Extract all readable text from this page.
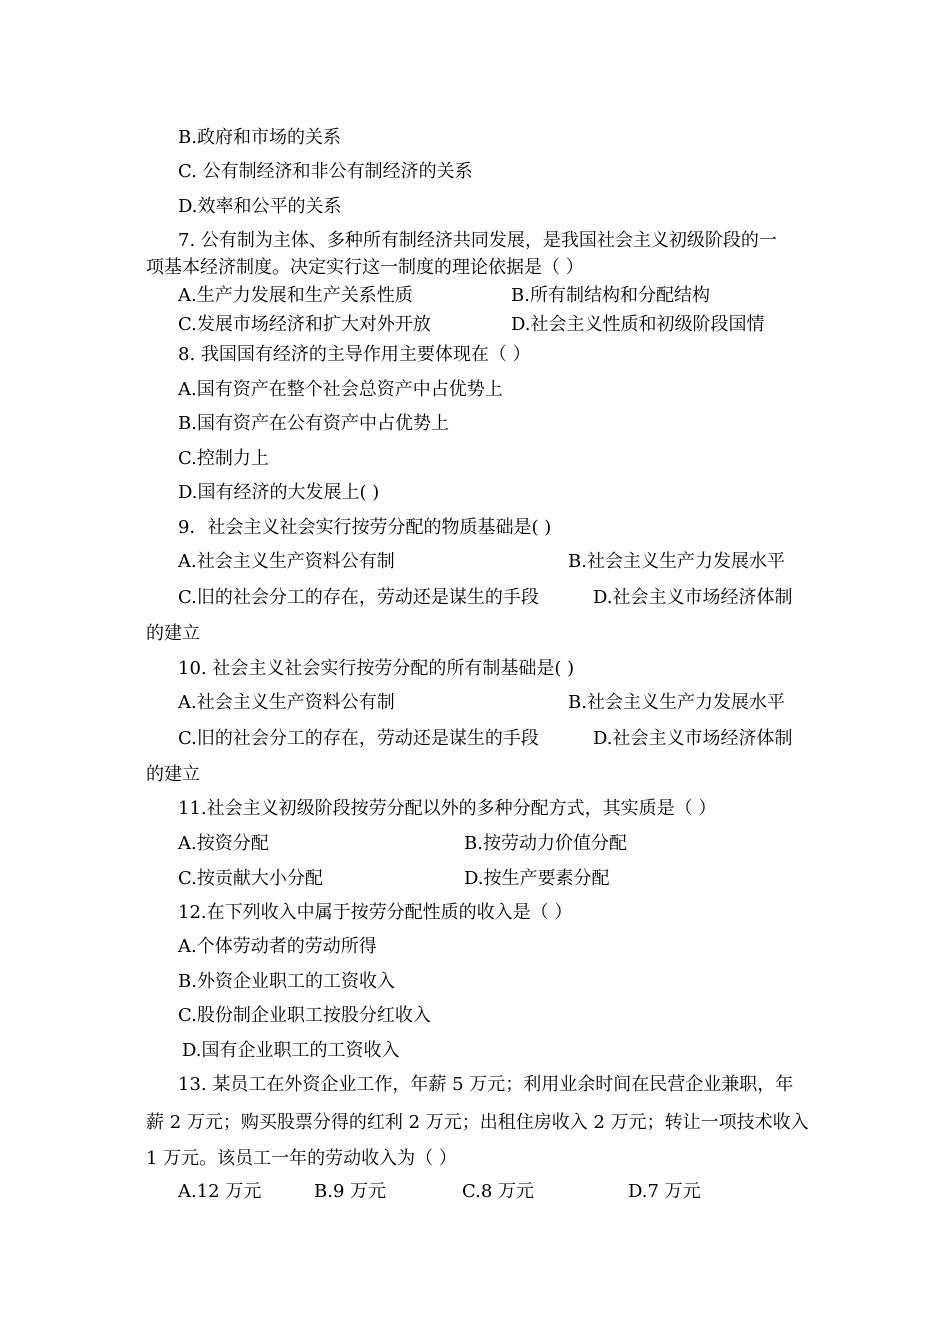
B.政府和市场的关系
C. 公有制经济和非公有制经济的关系
D.效率和公平的关系
7. 公有制为主体、多种所有制经济共同发展，是我国社会主义初级阶段的一
项基本经济制度。决定实行这一制度的理论依据是（ ）
A.生产力发展和生产关系性质	B.所有制结构和分配结构
C.发展市场经济和扩大对外开放	D.社会主义性质和初级阶段国情
8. 我国国有经济的主导作用主要体现在（ ）
A.国有资产在整个社会总资产中占优势上
B.国有资产在公有资产中占优势上
C.控制力上
D.国有经济的大发展上( )
9．社会主义社会实行按劳分配的物质基础是( )
A.社会主义生产资料公有制	B.社会主义生产力发展水平
C.旧的社会分工的存在，劳动还是谋生的手段	D.社会主义市场经济体制
的建立
10. 社会主义社会实行按劳分配的所有制基础是( )
A.社会主义生产资料公有制	B.社会主义生产力发展水平
C.旧的社会分工的存在，劳动还是谋生的手段	D.社会主义市场经济体制
的建立
11.社会主义初级阶段按劳分配以外的多种分配方式，其实质是（ ）
A.按资分配	B.按劳动力价值分配
C.按贡献大小分配	D.按生产要素分配
12.在下列收入中属于按劳分配性质的收入是（ ）
A.个体劳动者的劳动所得
B.外资企业职工的工资收入
C.股份制企业职工按股分红收入
D.国有企业职工的工资收入
13. 某员工在外资企业工作，年薪 5 万元；利用业余时间在民营企业兼职，年
薪 2 万元；购买股票分得的红利 2 万元；出租住房收入 2 万元；转让一项技术收入
1 万元。该员工一年的劳动收入为（ ）
A.12 万元	B.9 万元	C.8 万元	D.7 万元
